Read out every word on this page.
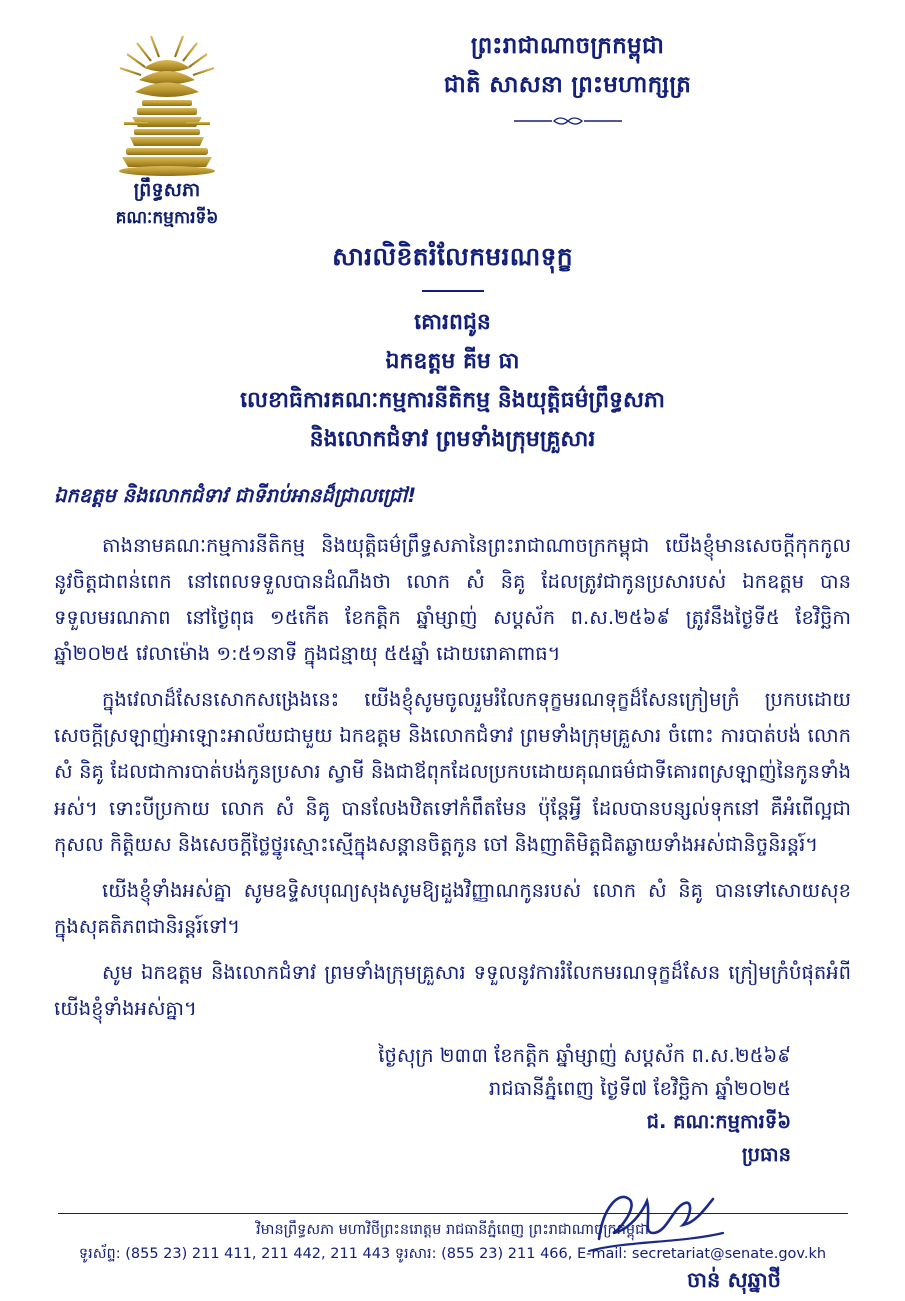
ព្រឹទ្ធសភា
គណៈកម្មការទី៦
ព្រះរាជាណាចក្រកម្ពុជា
ជាតិ សាសនា ព្រះមហាក្សត្រ
សារលិខិតរំលែកមរណទុក្ខ
គោរពជូន
ឯកឧត្តម គីម ធា
លេខាធិការគណៈកម្មការនីតិកម្ម និងយុត្តិធម៌ព្រឹទ្ធសភា
និងលោកជំទាវ ព្រមទាំងក្រុមគ្រួសារ
ឯកឧត្តម និងលោកជំទាវ ជាទីរាប់អានដ៏ជ្រាលជ្រៅ!
តាងនាមគណៈកម្មការនីតិកម្ម និងយុត្តិធម៌ព្រឹទ្ធសភានៃព្រះរាជាណាចក្រកម្ពុជា យើងខ្ញុំមានសេចក្តីកុកកូល នូវចិត្តជាពន់ពេក នៅពេលទទួលបានដំណឹងថា លោក សំ និគូ ដែលត្រូវជាកូនប្រសារបស់ ឯកឧត្តម បានទទួលមរណភាព នៅថ្ងៃពុធ ១៥កើត ខែកត្តិក ឆ្នាំម្សាញ់ សប្ដស័ក ព.ស.២៥៦៩ ត្រូវនឹងថ្ងៃទី៥ ខែវិច្ឆិកា ឆ្នាំ២០២៥ វេលាម៉ោង ១:៥១នាទី ក្នុងជន្មាយុ ៥៥ឆ្នាំ ដោយរោគាពាធ។
ក្នុងវេលាដ៏សែនសោកសង្រេងនេះ យើងខ្ញុំសូមចូលរួមរំលែកទុក្ខមរណទុក្ខដ៏សែនក្រៀមក្រំ ប្រកបដោយ សេចក្តីស្រឡាញ់អាឡោះអាល័យជាមួយ ឯកឧត្តម និងលោកជំទាវ ព្រមទាំងក្រុមគ្រួសារ ចំពោះ ការបាត់បង់ លោក សំ និគូ ដែលជាការបាត់បង់កូនប្រសារ ស្វាមី និងជាឪពុកដែលប្រកបដោយគុណធម៌ជាទីគោរពស្រឡាញ់នៃកូនទាំងអស់។ ទោះបីប្រកាយ លោក សំ និគូ បានលែងឋិតទៅកំពឹតមែន ប៉ុន្តែអ្វី ដែលបានបន្សល់ទុកនៅ គឺអំពើល្អជាកុសល កិត្តិយស និងសេចក្តីថ្លៃថ្នូរស្មោះស្មើក្នុងសន្តានចិត្តកូន ចៅ និងញាតិមិត្តជិតឆ្ងាយទាំងអស់ជានិច្ចនិរន្តរ៍។
យើងខ្ញុំទាំងអស់គ្នា សូមឧទ្ទិសបុណ្យសុងសូមឱ្យដួងវិញ្ញាណកូនរបស់ លោក សំ និគូ បានទៅសោយសុខ ក្នុងសុគតិភពជានិរន្តរ៍ទៅ។
សូម ឯកឧត្តម និងលោកជំទាវ ព្រមទាំងក្រុមគ្រួសារ ទទួលនូវការរំលែកមរណទុក្ខដ៏សែន ក្រៀមក្រំបំផុតអំពីយើងខ្ញុំទាំងអស់គ្នា។
ថ្ងៃសុក្រ ២៣៣ ខែកត្តិក ឆ្នាំម្សាញ់ សប្ដស័ក ព.ស.២៥៦៩
រាជធានីភ្នំពេញ ថ្ងៃទី៧ ខែវិច្ឆិកា ឆ្នាំ២០២៥
ជ. គណៈកម្មការទី៦
ប្រធាន
ចាន់ សុឆ្នាថី
វិមានព្រឹទ្ធសភា មហាវិថីព្រះនរោត្តម រាជធានីភ្នំពេញ ព្រះរាជាណាចក្រកម្ពុជា
ទូរស័ព្ទ: (855 23) 211 411, 211 442, 211 443 ទូរសារ: (855 23) 211 466, E-mail: secretariat@senate.gov.kh
